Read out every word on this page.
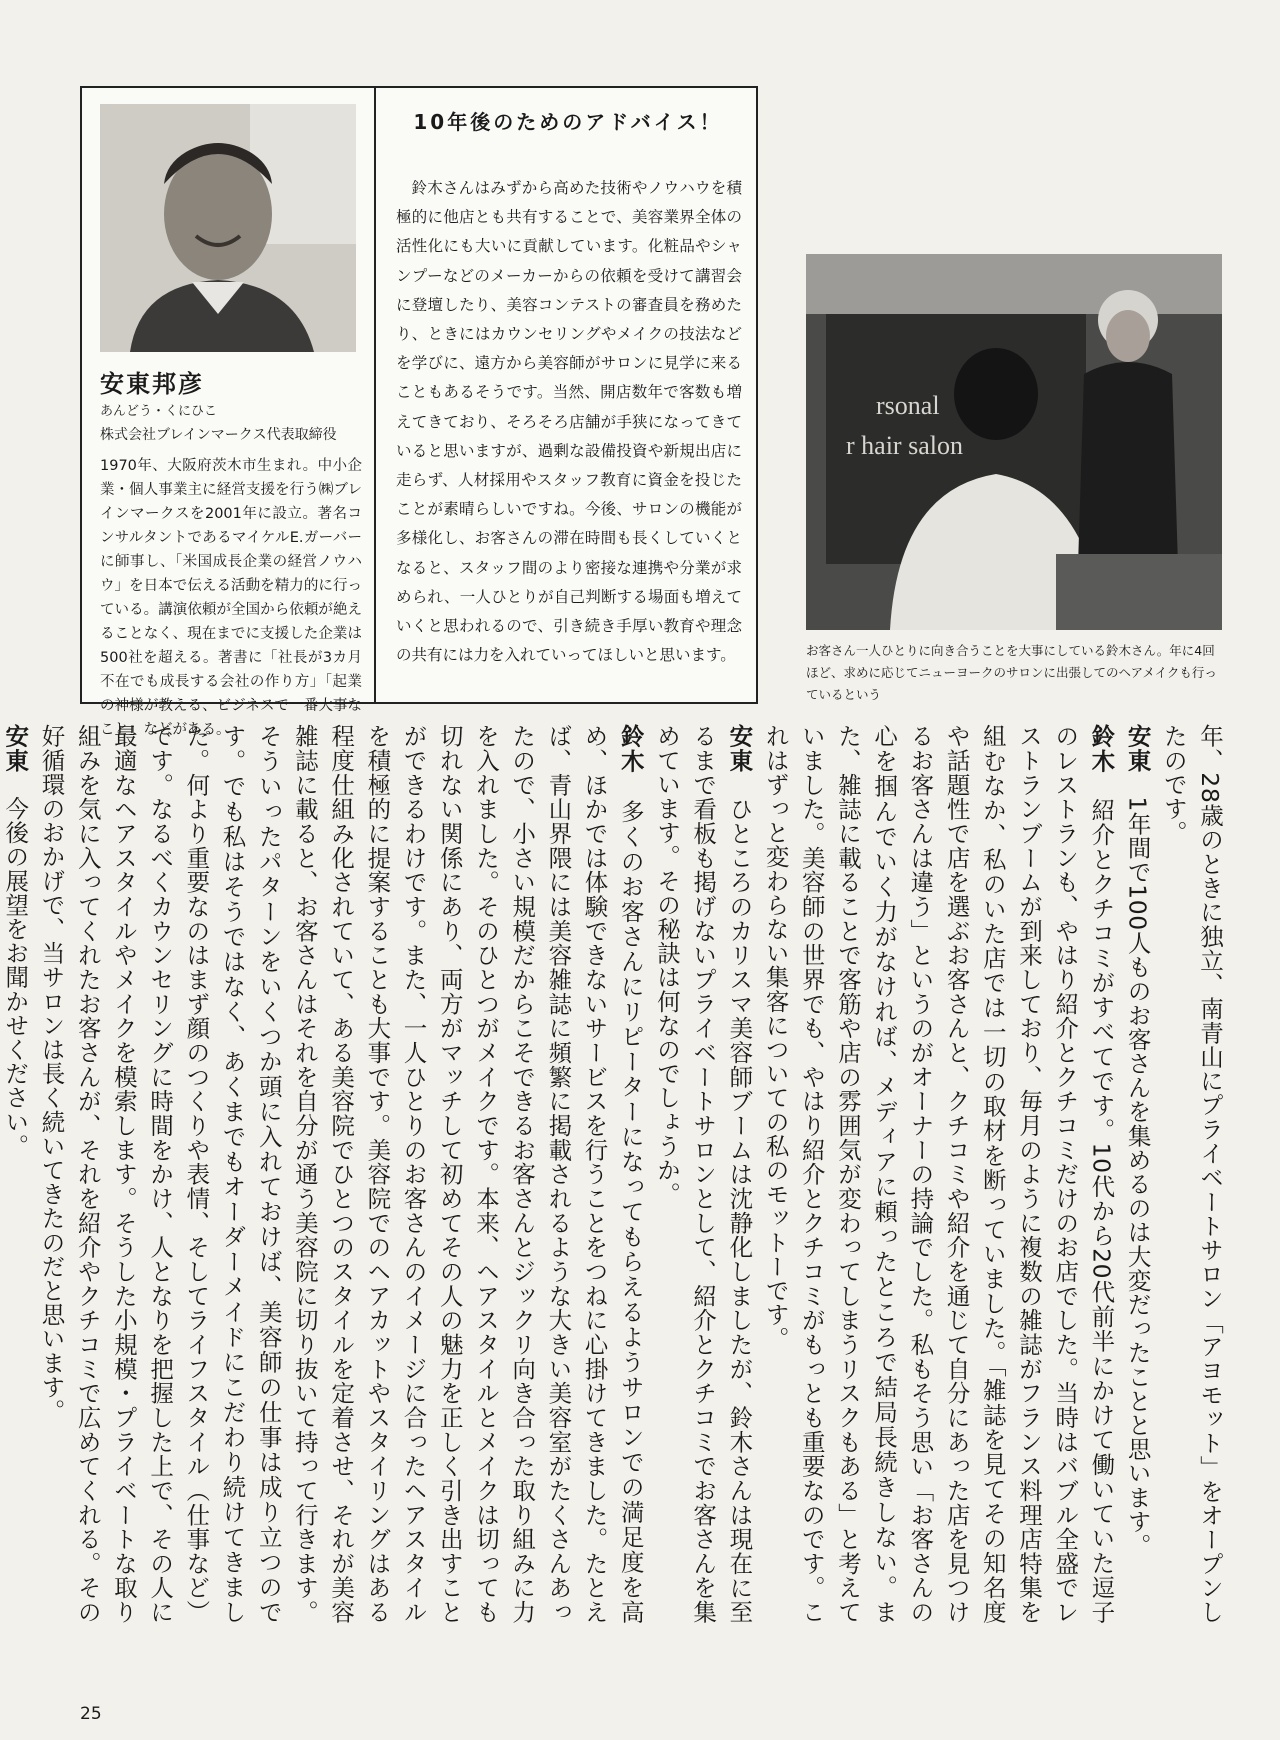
安東邦彦
あんどう・くにひこ
株式会社ブレインマークス代表取締役
1970年、大阪府茨木市生まれ。中小企業・個人事業主に経営支援を行う㈱ブレインマークスを2001年に設立。著名コンサルタントであるマイケルE.ガーバーに師事し、「米国成長企業の経営ノウハウ」を日本で伝える活動を精力的に行っている。講演依頼が全国から依頼が絶えることなく、現在までに支援した企業は500社を超える。著書に「社長が3カ月不在でも成長する会社の作り方」「起業の神様が教える、ビジネスで一番大事なこと」などがある。
10年後のためのアドバイス！
鈴木さんはみずから高めた技術やノウハウを積極的に他店とも共有することで、美容業界全体の活性化にも大いに貢献しています。化粧品やシャンプーなどのメーカーからの依頼を受けて講習会に登壇したり、美容コンテストの審査員を務めたり、ときにはカウンセリングやメイクの技法などを学びに、遠方から美容師がサロンに見学に来ることもあるそうです。当然、開店数年で客数も増えてきており、そろそろ店舗が手狭になってきていると思いますが、過剰な設備投資や新規出店に走らず、人材採用やスタッフ教育に資金を投じたことが素晴らしいですね。今後、サロンの機能が多様化し、お客さんの滞在時間も長くしていくとなると、スタッフ間のより密接な連携や分業が求められ、一人ひとりが自己判断する場面も増えていくと思われるので、引き続き手厚い教育や理念の共有には力を入れていってほしいと思います。
rsonal
r hair salon
お客さん一人ひとりに向き合うことを大事にしている鈴木さん。年に4回ほど、求めに応じてニューヨークのサロンに出張してのヘアメイクも行っているという

年、28歳のときに独立、南青山にプライベートサロン「アヨモット」をオープンしたのです。

安東　1年間で100人ものお客さんを集めるのは大変だったことと思います。

鈴木　紹介とクチコミがすべてです。10代から20代前半にかけて働いていた逗子のレストランも、やはり紹介とクチコミだけのお店でした。当時はバブル全盛でレストランブームが到来しており、毎月のように複数の雑誌がフランス料理店特集を組むなか、私のいた店では一切の取材を断っていました。「雑誌を見てその知名度や話題性で店を選ぶお客さんと、クチコミや紹介を通じて自分にあった店を見つけるお客さんは違う」というのがオーナーの持論でした。私もそう思い「お客さんの心を掴んでいく力がなければ、メディアに頼ったところで結局長続きしない。また、雑誌に載ることで客筋や店の雰囲気が変わってしまうリスクもある」と考えていました。美容師の世界でも、やはり紹介とクチコミがもっとも重要なのです。これはずっと変わらない集客についての私のモットーです。

安東　ひところのカリスマ美容師ブームは沈静化しましたが、鈴木さんは現在に至るまで看板も掲げないプライベートサロンとして、紹介とクチコミでお客さんを集めています。その秘訣は何なのでしょうか。

鈴木　多くのお客さんにリピーターになってもらえるようサロンでの満足度を高め、ほかでは体験できないサービスを行うことをつねに心掛けてきました。たとえば、青山界隈には美容雑誌に頻繁に掲載されるような大きい美容室がたくさんあったので、小さい規模だからこそできるお客さんとジックリ向き合った取り組みに力を入れました。そのひとつがメイクです。本来、ヘアスタイルとメイクは切っても切れない関係にあり、両方がマッチして初めてその人の魅力を正しく引き出すことができるわけです。また、一人ひとりのお客さんのイメージに合ったヘアスタイルを積極的に提案することも大事です。美容院でのヘアカットやスタイリングはある程度仕組み化されていて、ある美容院でひとつのスタイルを定着させ、それが美容雑誌に載ると、お客さんはそれを自分が通う美容院に切り抜いて持って行きます。そういったパターンをいくつか頭に入れておけば、美容師の仕事は成り立つのです。でも私はそうではなく、あくまでもオーダーメイドにこだわり続けてきました。何より重要なのはまず顔のつくりや表情、そしてライフスタイル（仕事など）です。なるべくカウンセリングに時間をかけ、人となりを把握した上で、その人に最適なヘアスタイルやメイクを模索します。そうした小規模・プライベートな取り組みを気に入ってくれたお客さんが、それを紹介やクチコミで広めてくれる。その好循環のおかげで、当サロンは長く続いてきたのだと思います。

安東　今後の展望をお聞かせください。

25
